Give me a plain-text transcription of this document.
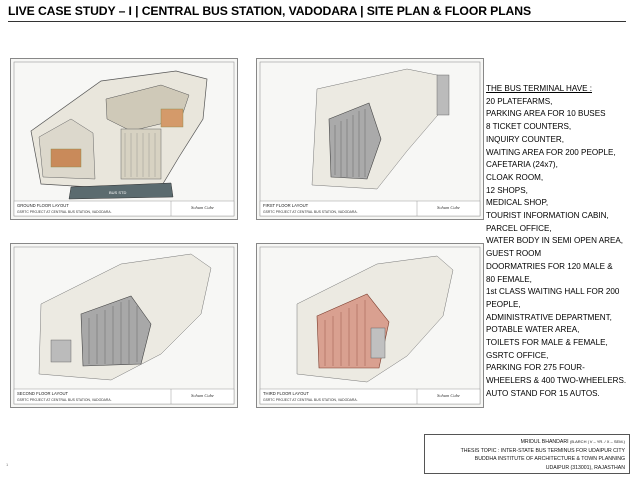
LIVE CASE STUDY – I | CENTRAL BUS STATION, VADODARA | SITE PLAN & FLOOR PLANS
BUS STD
GROUND FLOOR LAYOUT
GSRTC PROJECT AT CENTRAL BUS STATION, VADODARA.
Sohum Cube	FIRST FLOOR LAYOUT
GSRTC PROJECT AT CENTRAL BUS STATION, VADODARA.
Sohum Cube
SECOND FLOOR LAYOUT
GSRTC PROJECT AT CENTRAL BUS STATION, VADODARA.
Sohum Cube	THIRD FLOOR LAYOUT
GSRTC PROJECT AT CENTRAL BUS STATION, VADODARA.
Sohum Cube
THE BUS TERMINAL HAVE :
20 PLATEFARMS,
PARKING AREA FOR 10 BUSES
8 TICKET COUNTERS,
INQUIRY COUNTER,
WAITING AREA FOR 200 PEOPLE,
CAFETARIA (24x7),
CLOAK ROOM,
12 SHOPS,
MEDICAL SHOP,
TOURIST INFORMATION CABIN,
PARCEL OFFICE,
WATER BODY IN SEMI OPEN AREA,
GUEST ROOM
DOORMATRIES FOR 120 MALE &
80 FEMALE,
1st CLASS WAITING HALL FOR 200
PEOPLE,
ADMINISTRATIVE DEPARTMENT,
POTABLE WATER AREA,
TOILETS FOR MALE & FEMALE,
GSRTC OFFICE,
PARKING FOR 275 FOUR-
WHEELERS & 400 TWO-WHEELERS.
AUTO STAND FOR 15 AUTOS.
MRIDUL BHANDARI (B.ARCH | V – YR. / X – SEM.)
THESIS TOPIC : INTER-STATE BUS TERMINUS FOR UDAIPUR CITY
BUDDHA INSTITUTE OF ARCHITECTURE & TOWN PLANNING
UDAIPUR (313001), RAJASTHAN
1
